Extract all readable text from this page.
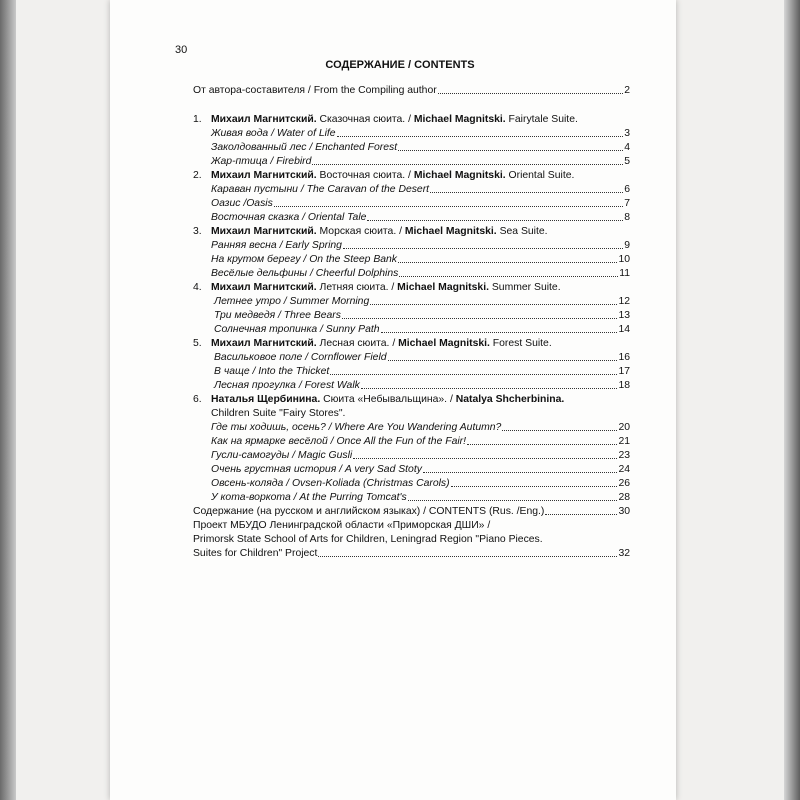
30
СОДЕРЖАНИЕ / CONTENTS
От автора-составителя / From the Compiling author	2
1. Михаил Магнитский. Сказочная сюита. / Michael Magnitski. Fairytale Suite.
Живая вода / Water of Life	3
Заколдованный лес / Enchanted Forest	4
Жар-птица / Firebird	5
2. Михаил Магнитский. Восточная сюита. / Michael Magnitski. Oriental Suite.
Караван пустыни / The Caravan of the Desert	6
Оазис /Oasis	7
Восточная сказка / Oriental Tale	8
3. Михаил Магнитский. Морская сюита. / Michael Magnitski. Sea Suite.
Ранняя весна / Early Spring	9
На крутом берегу / On the Steep Bank	10
Весёлые дельфины / Cheerful Dolphins	11
4. Михаил Магнитский. Летняя сюита. / Michael Magnitski. Summer Suite.
Летнее утро / Summer Morning	12
Три медведя / Three Bears	13
Солнечная тропинка / Sunny Path	14
5. Михаил Магнитский. Лесная сюита. / Michael Magnitski. Forest Suite.
Васильковое поле / Cornflower Field	16
В чаще / Into the Thicket	17
Лесная прогулка / Forest Walk	18
6. Наталья Щербинина. Сюита «Небывальщина». / Natalya Shcherbinina.
Children Suite "Fairy Stores".
Где ты ходишь, осень? / Where Are You Wandering Autumn?	20
Как на ярмарке весёлой / Once All the Fun of the Fair!	21
Гусли-самогуды / Magic Gusli	23
Очень грустная история / A very Sad Stoty	24
Овсень-коляда / Ovsen-Koliada (Christmas Carols)	26
У кота-воркота / At the Purring Tomcat's	28
Содержание (на русском и английском языках) / CONTENTS (Rus. /Eng.)	30
Проект МБУДО Ленинградской области «Приморская ДШИ» /
Primorsk State School of Arts for Children, Leningrad Region "Piano Pieces.
Suites for Children" Project	32
